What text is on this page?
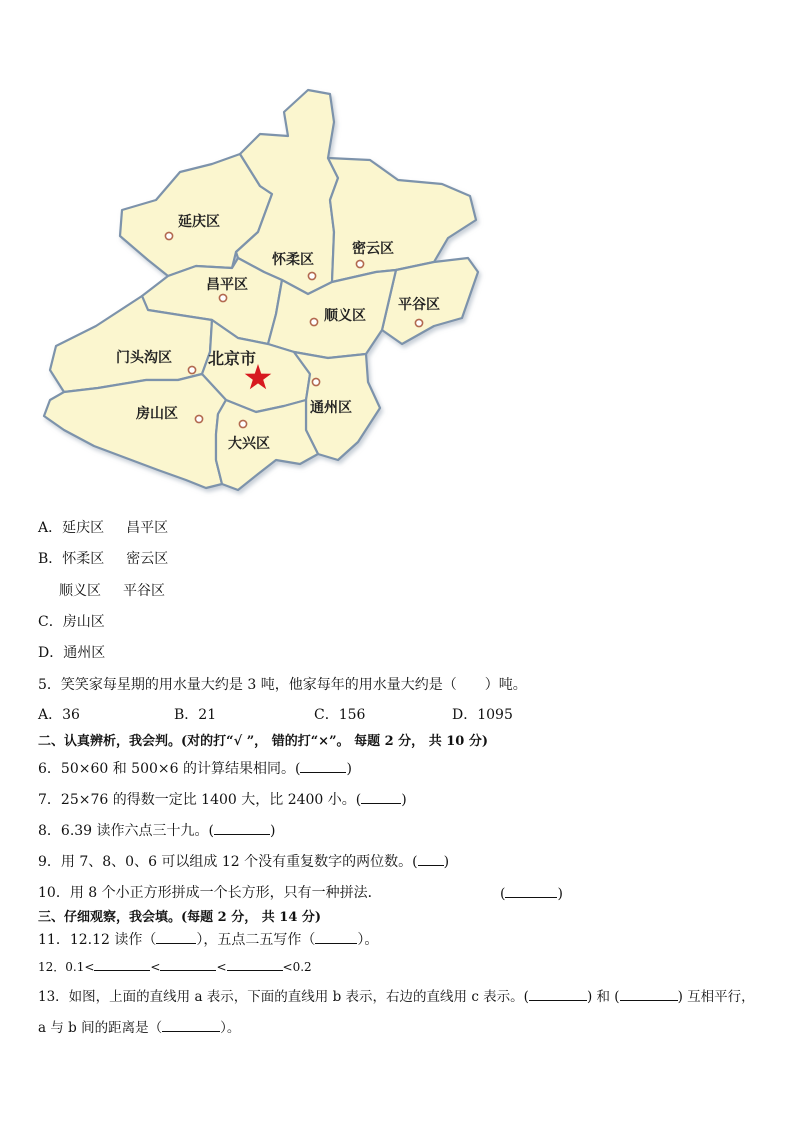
延庆区
怀柔区
密云区
昌平区
平谷区
顺义区
门头沟区 北京市
通州区
房山区
大兴区
A．延庆区 昌平区
B．怀柔区 密云区
顺义区 平谷区
C．房山区
D．通州区
5．笑笑家每星期的用水量大约是 3 吨，他家每年的用水量大约是（　　）吨。
A．36	B．21	C．156	D．1095
二、认真辨析，我会判。(对的打“√ ”， 错的打“×”。 每题 2 分， 共 10 分)
6．50×60 和 500×6 的计算结果相同。(	)
7．25×76 的得数一定比 1400 大，比 2400 小。(	)
8．6.39 读作六点三十九。(	)
9．用 7、8、0、6 可以组成 12 个没有重复数字的两位数。( )
10．用 8 个小正方形拼成一个长方形，只有一种拼法．	(	)
三、仔细观察，我会填。(每题 2 分， 共 14 分)
11．12.12 读作（	），五点二五写作（	）。
12．0.1<	<	<	<0.2
13．如图，上面的直线用 a 表示，下面的直线用 b 表示，右边的直线用 c 表示。(	) 和 (	) 互相平行，
a 与 b 间的距离是（	）。
